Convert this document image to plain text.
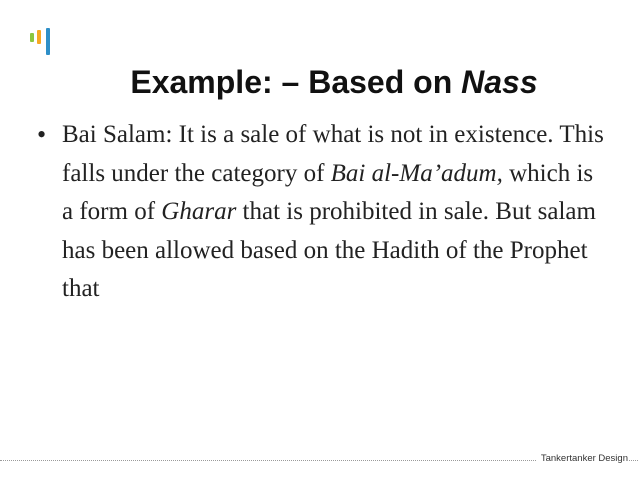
Example: – Based on Nass
• Bai Salam: It is a sale of what is not in existence. This falls under the category of Bai al-Ma’adum, which is a form of Gharar that is prohibited in sale. But salam has been allowed based on the Hadith of the Prophet that
Tankertanker Design
